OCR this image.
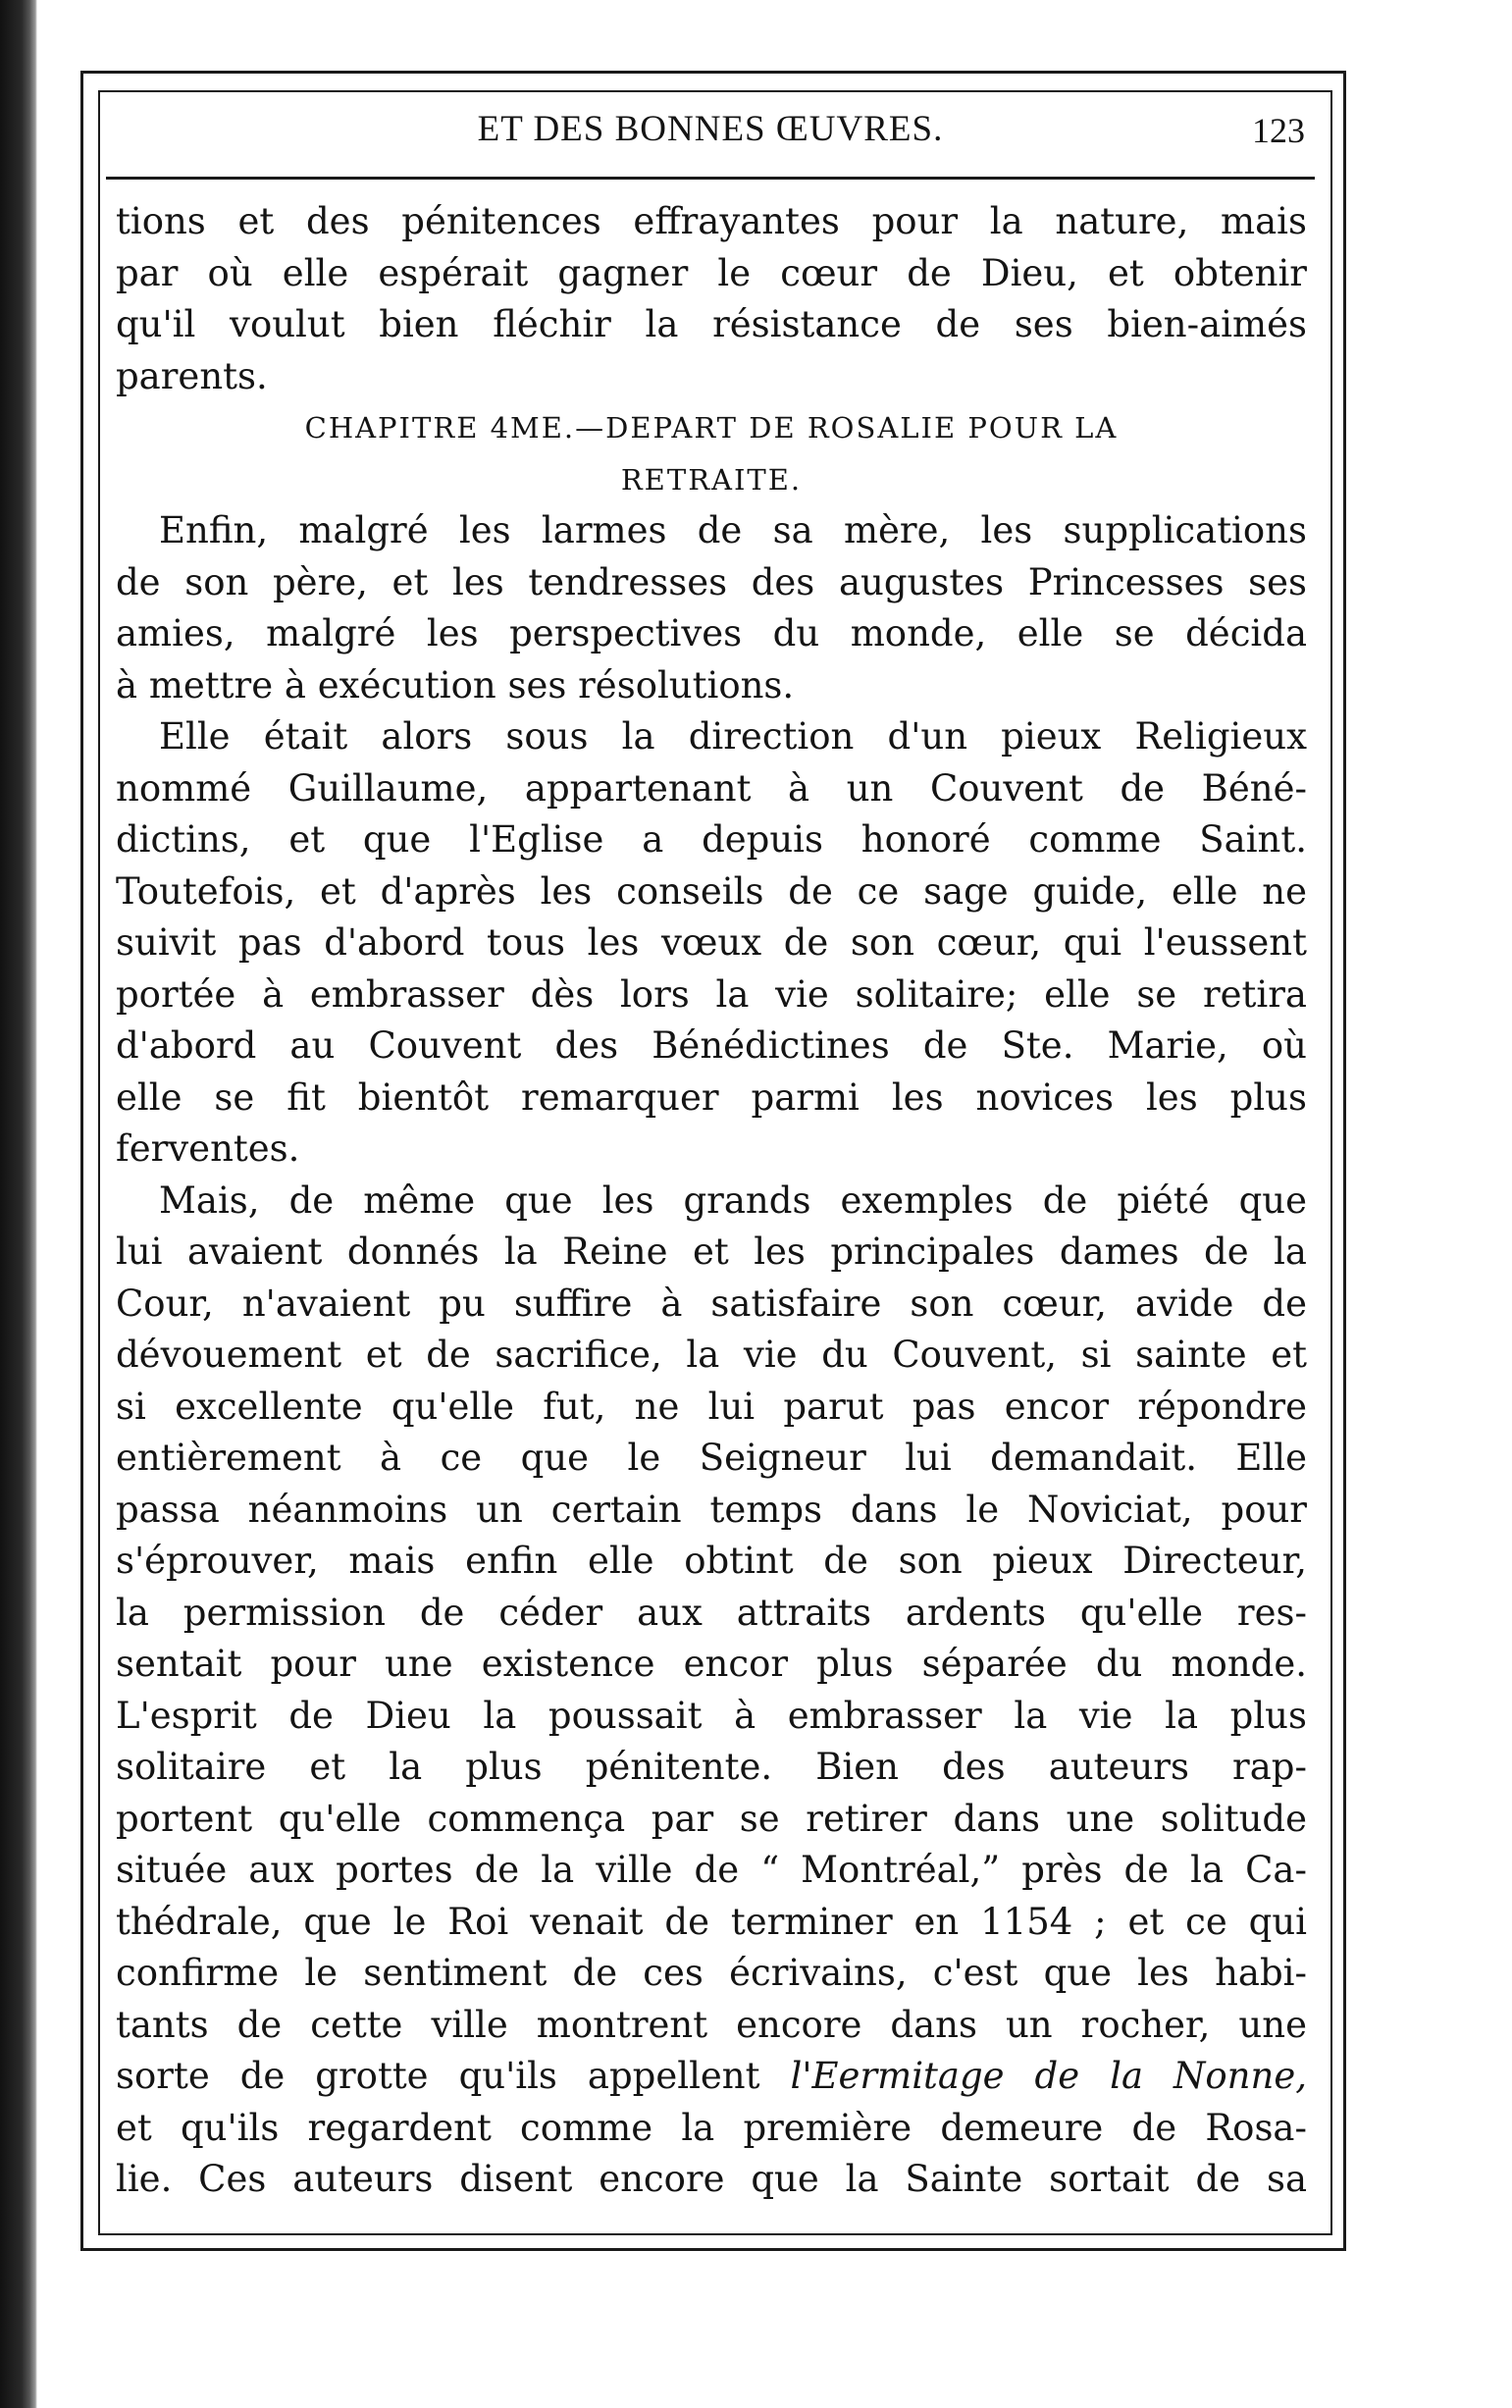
ET DES BONNES ŒUVRES.	123
tions et des pénitences effrayantes pour la nature, mais
par où elle espérait gagner le cœur de Dieu, et obtenir
qu'il voulut bien fléchir la résistance de ses bien-aimés
parents.
CHAPITRE 4ME.—DEPART DE ROSALIE POUR LA
RETRAITE.
Enfin, malgré les larmes de sa mère, les supplications
de son père, et les tendresses des augustes Princesses ses
amies, malgré les perspectives du monde, elle se décida
à mettre à exécution ses résolutions.
Elle était alors sous la direction d'un pieux Religieux
nommé Guillaume, appartenant à un Couvent de Béné-
dictins, et que l'Eglise a depuis honoré comme Saint.
Toutefois, et d'après les conseils de ce sage guide, elle ne
suivit pas d'abord tous les vœux de son cœur, qui l'eussent
portée à embrasser dès lors la vie solitaire; elle se retira
d'abord au Couvent des Bénédictines de Ste. Marie, où
elle se fit bientôt remarquer parmi les novices les plus
ferventes.
Mais, de même que les grands exemples de piété que
lui avaient donnés la Reine et les principales dames de la
Cour, n'avaient pu suffire à satisfaire son cœur, avide de
dévouement et de sacrifice, la vie du Couvent, si sainte et
si excellente qu'elle fut, ne lui parut pas encor répondre
entièrement à ce que le Seigneur lui demandait. Elle
passa néanmoins un certain temps dans le Noviciat, pour
s'éprouver, mais enfin elle obtint de son pieux Directeur,
la permission de céder aux attraits ardents qu'elle res-
sentait pour une existence encor plus séparée du monde.
L'esprit de Dieu la poussait à embrasser la vie la plus
solitaire et la plus pénitente. Bien des auteurs rap-
portent qu'elle commença par se retirer dans une solitude
située aux portes de la ville de “ Montréal,” près de la Ca-
thédrale, que le Roi venait de terminer en 1154 ; et ce qui
confirme le sentiment de ces écrivains, c'est que les habi-
tants de cette ville montrent encore dans un rocher, une
sorte de grotte qu'ils appellent l'Eermitage de la Nonne,
et qu'ils regardent comme la première demeure de Rosa-
lie. Ces auteurs disent encore que la Sainte sortait de sa
